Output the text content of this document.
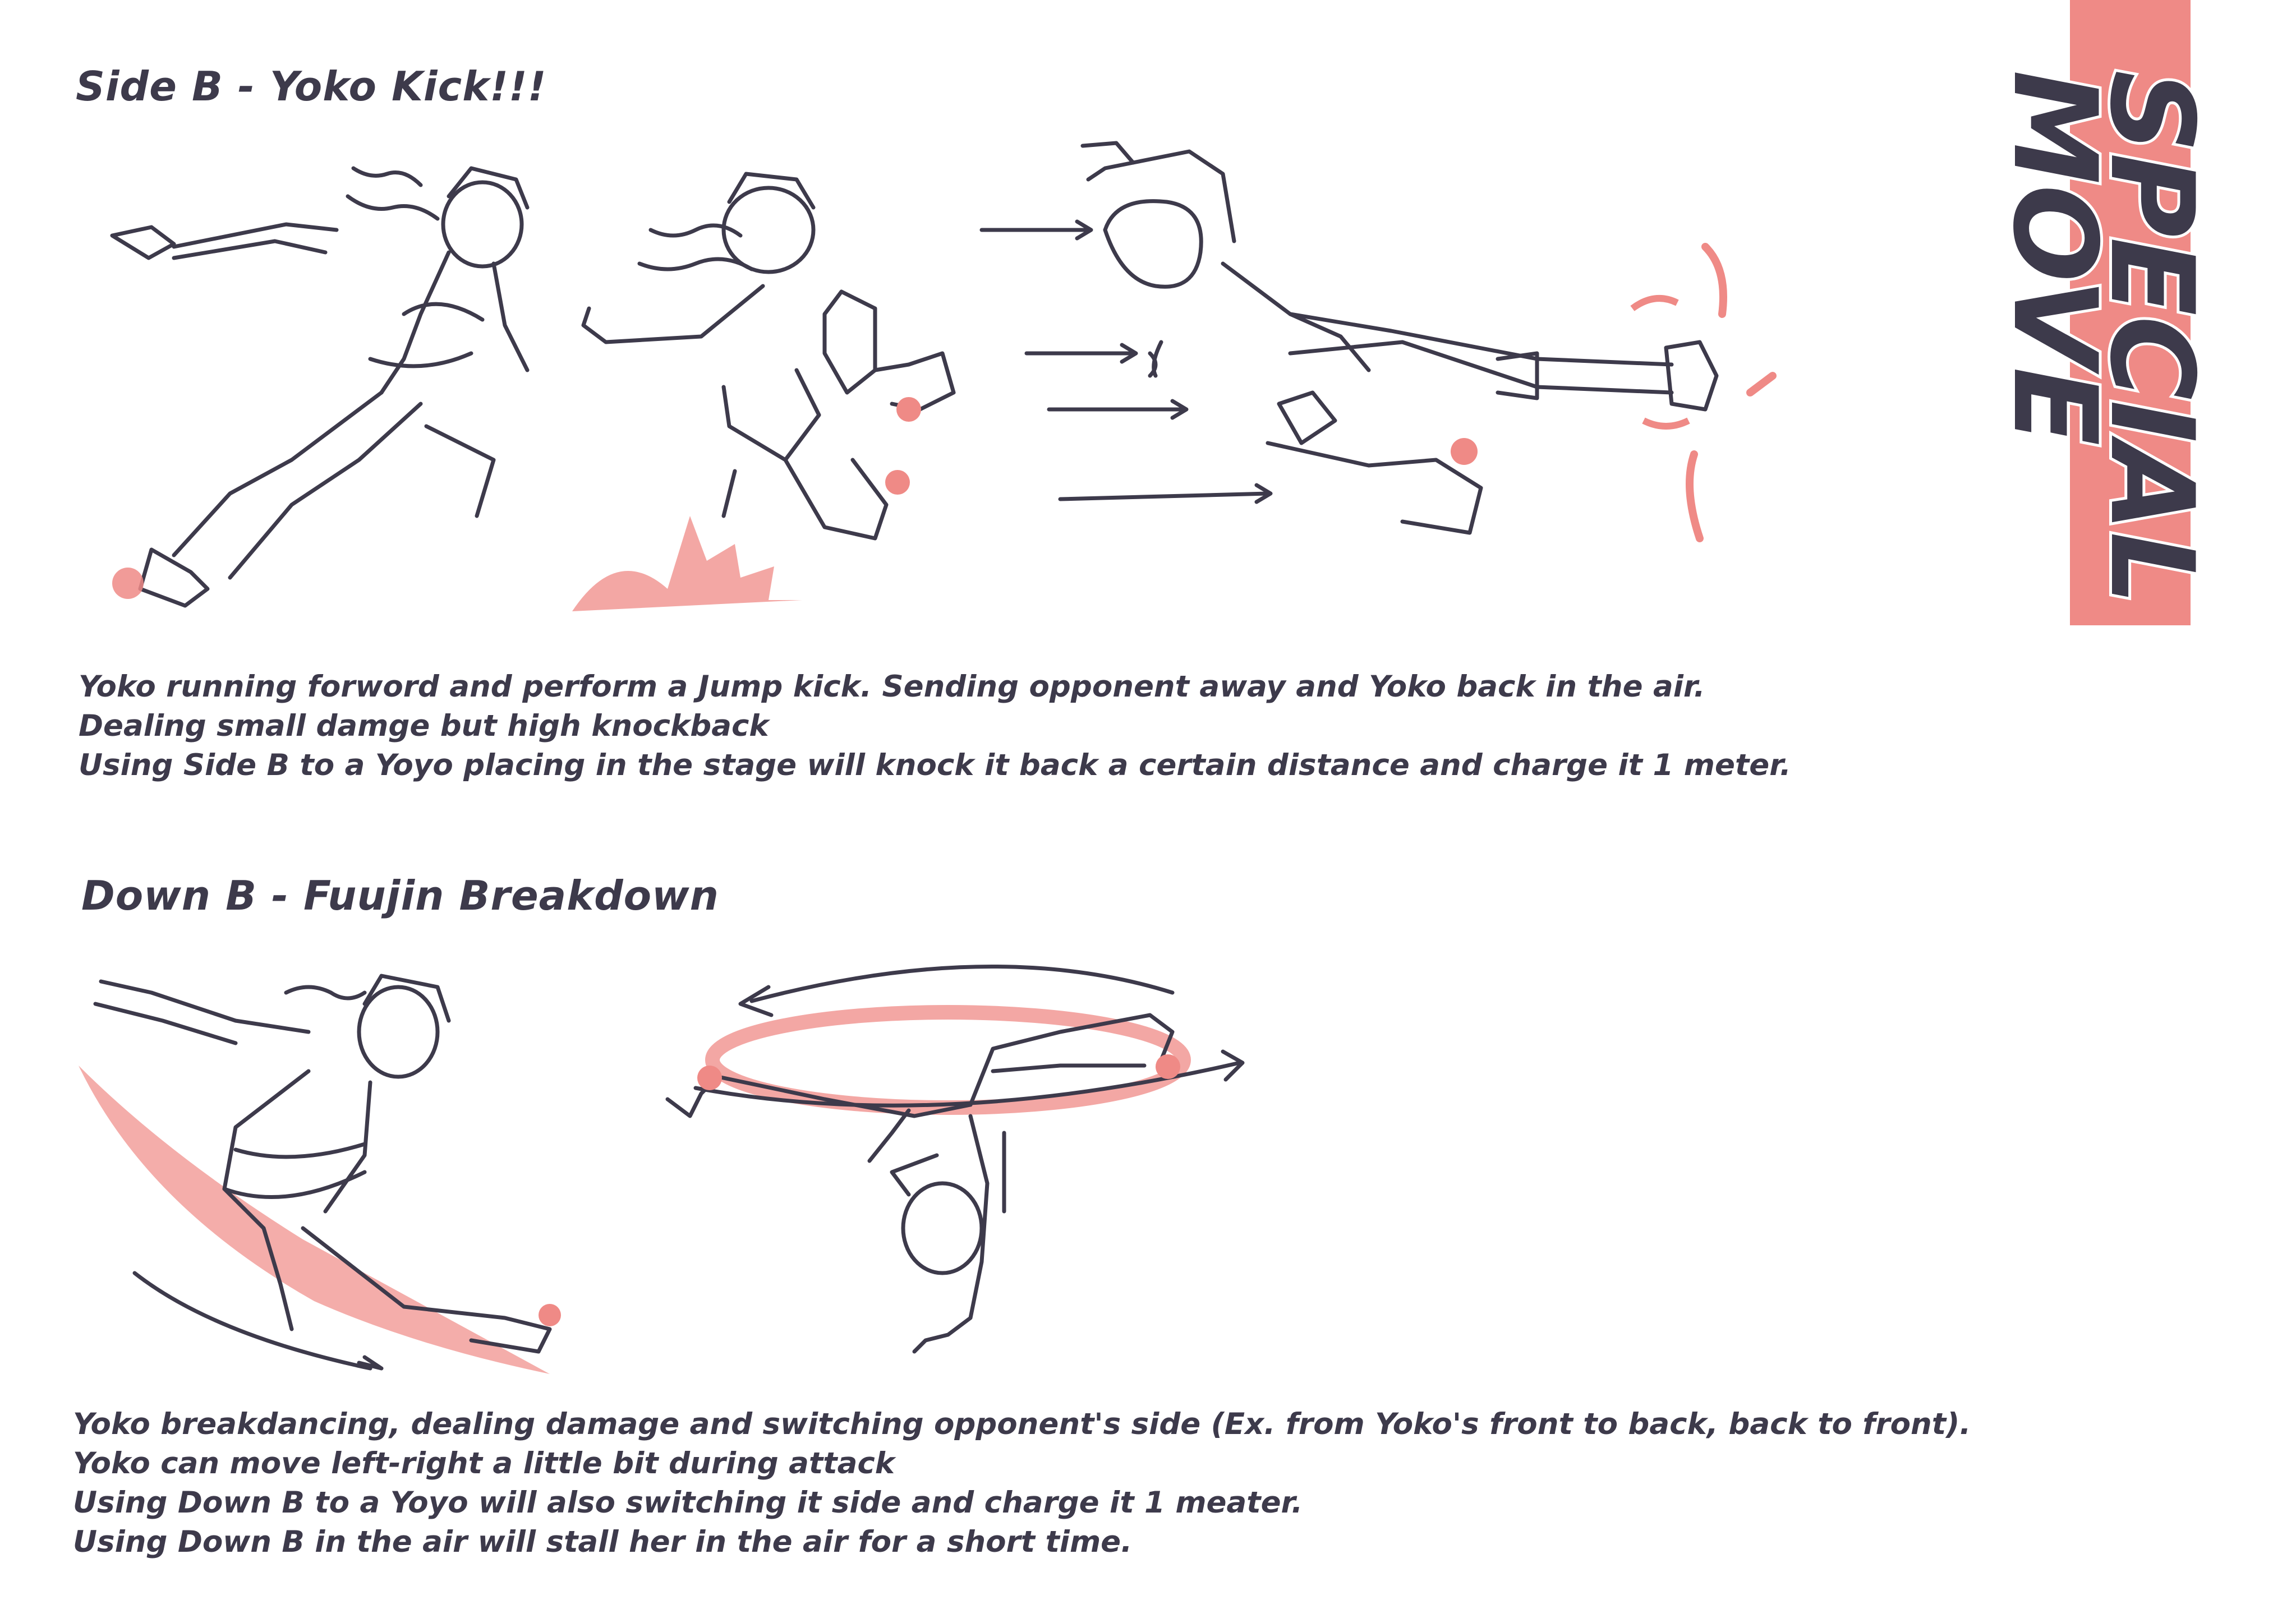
SPECIAL
MOVE
Side B - Yoko Kick!!!
Yoko running forword and perform a Jump kick. Sending opponent away and Yoko back in the air.
Dealing small damge but high knockback
Using Side B to a Yoyo placing in the stage will knock it back a certain distance and charge it 1 meter.
Down B - Fuujin Breakdown
Yoko breakdancing, dealing damage and switching opponent's side (Ex. from Yoko's front to back, back to front).
Yoko can move left-right a little bit during attack
Using Down B to a Yoyo will also switching it side and charge it 1 meater.
Using Down B in the air will stall her in the air for a short time.
